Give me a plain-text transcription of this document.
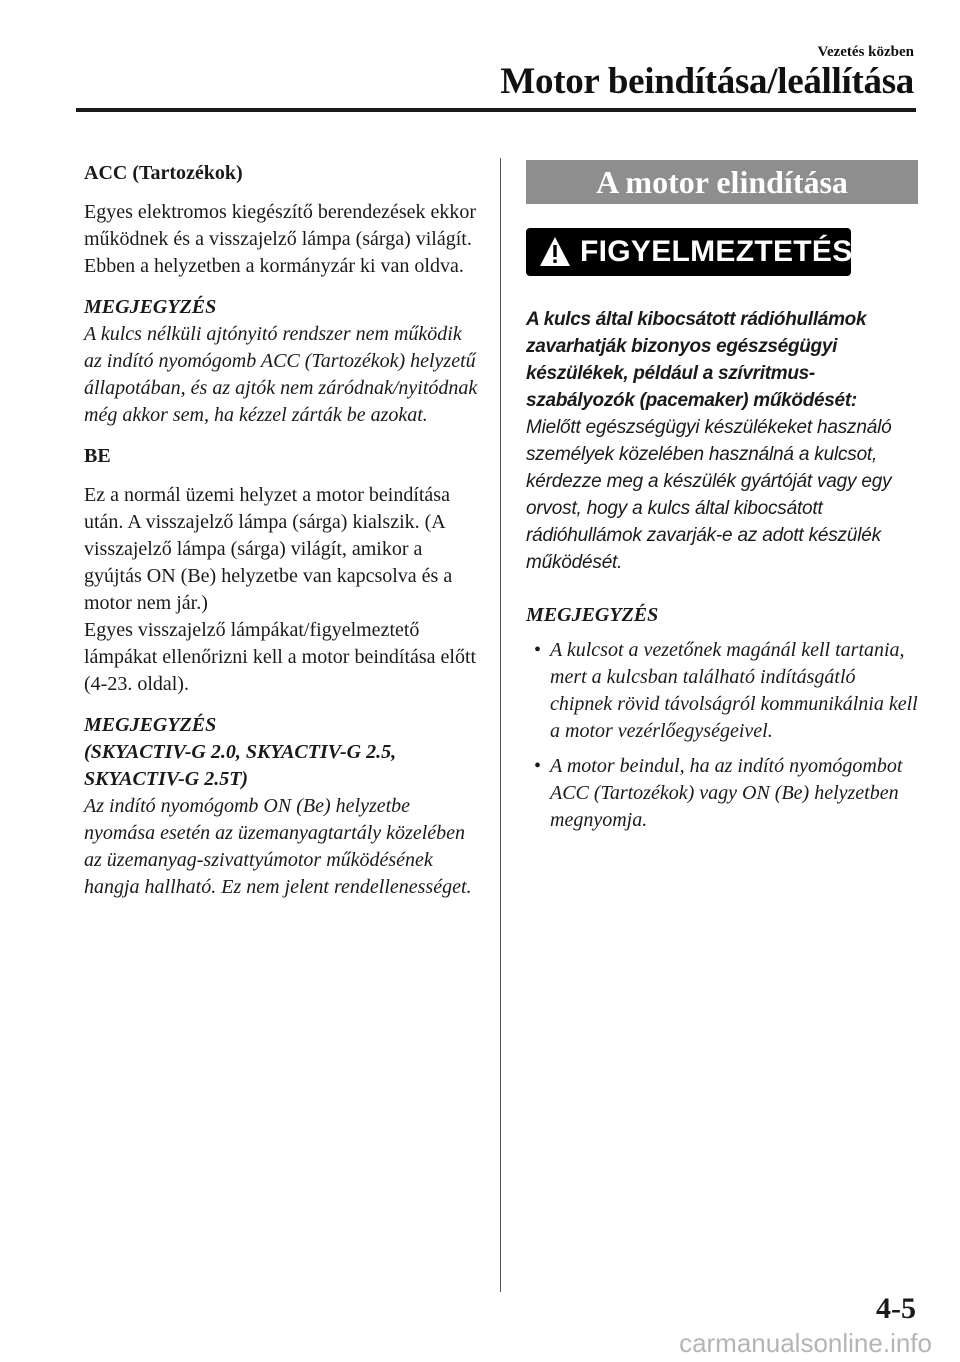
Vezetés közben
Motor beindítása/leállítása

ACC (Tartozékok)

Egyes elektromos kiegészítő berendezések ekkor működnek és a visszajelző lámpa (sárga) világít.
Ebben a helyzetben a kormányzár ki van oldva.

MEGJEGYZÉS

A kulcs nélküli ajtónyitó rendszer nem működik az indító nyomógomb ACC (Tartozékok) helyzetű állapotában, és az ajtók nem záródnak/nyitódnak még akkor sem, ha kézzel zárták be azokat.

BE

Ez a normál üzemi helyzet a motor beindítása után. A visszajelző lámpa (sárga) kialszik. (A visszajelző lámpa (sárga) világít, amikor a gyújtás ON (Be) helyzetbe van kapcsolva és a motor nem jár.)
Egyes visszajelző lámpákat/figyelmeztető lámpákat ellenőrizni kell a motor beindítása előtt (4-23. oldal).

MEGJEGYZÉS
(SKYACTIV-G 2.0, SKYACTIV-G 2.5, SKYACTIV-G 2.5T)

Az indító nyomógomb ON (Be) helyzetbe nyomása esetén az üzemanyagtartály közelében az üzemanyag-szivattyúmotor működésének hangja hallható. Ez nem jelent rendellenességet.

A motor elindítása
FIGYELMEZTETÉS

A kulcs által kibocsátott rádióhullámok zavarhatják bizonyos egészségügyi készülékek, például a szívritmus-szabályozók (pacemaker) működését:

Mielőtt egészségügyi készülékeket használó személyek közelében használná a kulcsot, kérdezze meg a készülék gyártóját vagy egy orvost, hogy a kulcs által kibocsátott rádióhullámok zavarják-e az adott készülék működését.

MEGJEGYZÉS

• A kulcsot a vezetőnek magánál kell tartania, mert a kulcsban található indításgátló chipnek rövid távolságról kommunikálnia kell a motor vezérlőegységeivel.

• A motor beindul, ha az indító nyomógombot ACC (Tartozékok) vagy ON (Be) helyzetben megnyomja.

4-5
carmanualsonline.info
